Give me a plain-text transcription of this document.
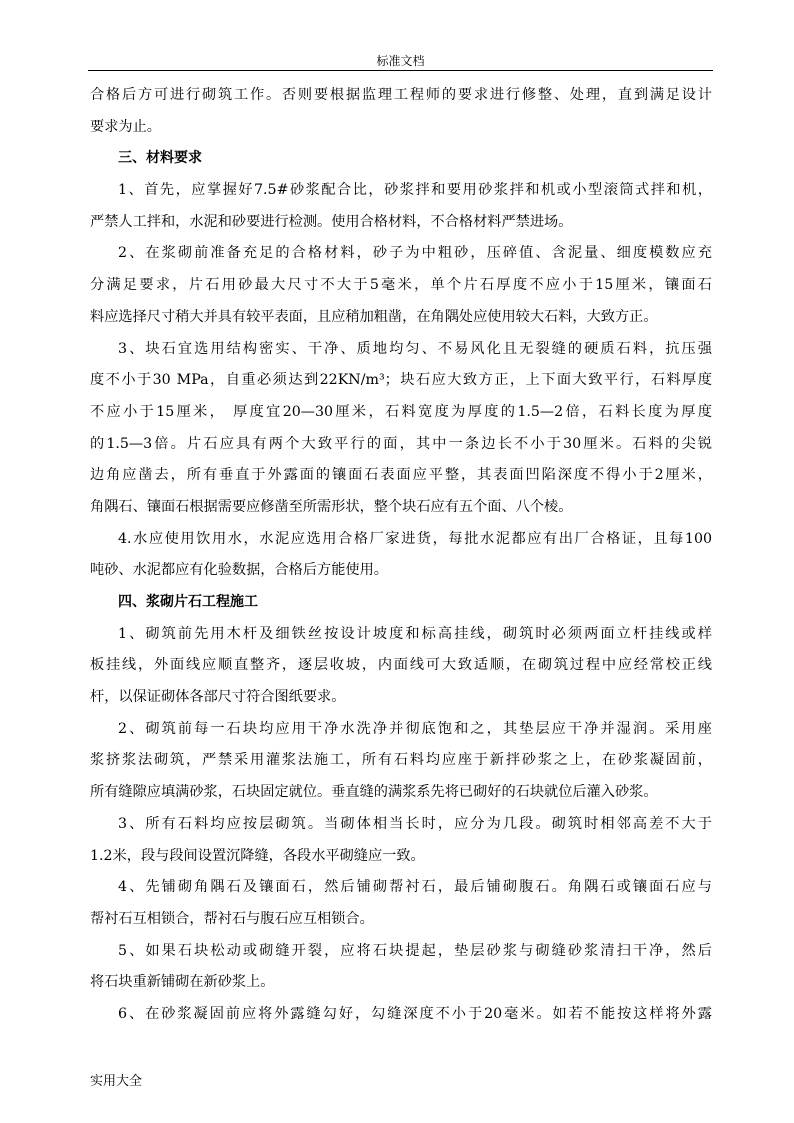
标准文档
合格后方可进行砌筑工作。否则要根据监理工程师的要求进行修整、处理，直到满足设计
要求为止。
三、材料要求
1、首先，应掌握好7.5#砂浆配合比，砂浆拌和要用砂浆拌和机或小型滚筒式拌和机，
严禁人工拌和，水泥和砂要进行检测。使用合格材料，不合格材料严禁进场。
2、在浆砌前准备充足的合格材料，砂子为中粗砂，压碎值、含泥量、细度模数应充
分满足要求，片石用砂最大尺寸不大于5毫米，单个片石厚度不应小于15厘米，镶面石
料应选择尺寸稍大并具有较平表面，且应稍加粗凿，在角隅处应使用较大石料，大致方正。
3、块石宜选用结构密实、干净、质地均匀、不易风化且无裂缝的硬质石料，抗压强
度不小于30 MPa，自重必须达到22KN/m³；块石应大致方正，上下面大致平行，石料厚度
不应小于15厘米， 厚度宜20—30厘米，石料宽度为厚度的1.5—2倍，石料长度为厚度
的1.5—3倍。片石应具有两个大致平行的面，其中一条边长不小于30厘米。石料的尖锐
边角应凿去，所有垂直于外露面的镶面石表面应平整，其表面凹陷深度不得小于2厘米，
角隅石、镶面石根据需要应修凿至所需形状，整个块石应有五个面、八个棱。
4.水应使用饮用水，水泥应选用合格厂家进货，每批水泥都应有出厂合格证，且每100
吨砂、水泥都应有化验数据，合格后方能使用。
四、浆砌片石工程施工
1、砌筑前先用木杆及细铁丝按设计坡度和标高挂线，砌筑时必须两面立杆挂线或样
板挂线，外面线应顺直整齐，逐层收坡，内面线可大致适顺，在砌筑过程中应经常校正线
杆，以保证砌体各部尺寸符合图纸要求。
2、砌筑前每一石块均应用干净水洗净并彻底饱和之，其垫层应干净并湿润。采用座
浆挤浆法砌筑，严禁采用灌浆法施工，所有石料均应座于新拌砂浆之上，在砂浆凝固前，
所有缝隙应填满砂浆，石块固定就位。垂直缝的满浆系先将已砌好的石块就位后灌入砂浆。
3、所有石料均应按层砌筑。当砌体相当长时，应分为几段。砌筑时相邻高差不大于
1.2米，段与段间设置沉降缝，各段水平砌缝应一致。
4、先铺砌角隅石及镶面石，然后铺砌帮衬石，最后铺砌腹石。角隅石或镶面石应与
帮衬石互相锁合，帮衬石与腹石应互相锁合。
5、如果石块松动或砌缝开裂，应将石块提起，垫层砂浆与砌缝砂浆清扫干净，然后
将石块重新铺砌在新砂浆上。
6、在砂浆凝固前应将外露缝勾好，勾缝深度不小于20毫米。如若不能按这样将外露
实用大全
